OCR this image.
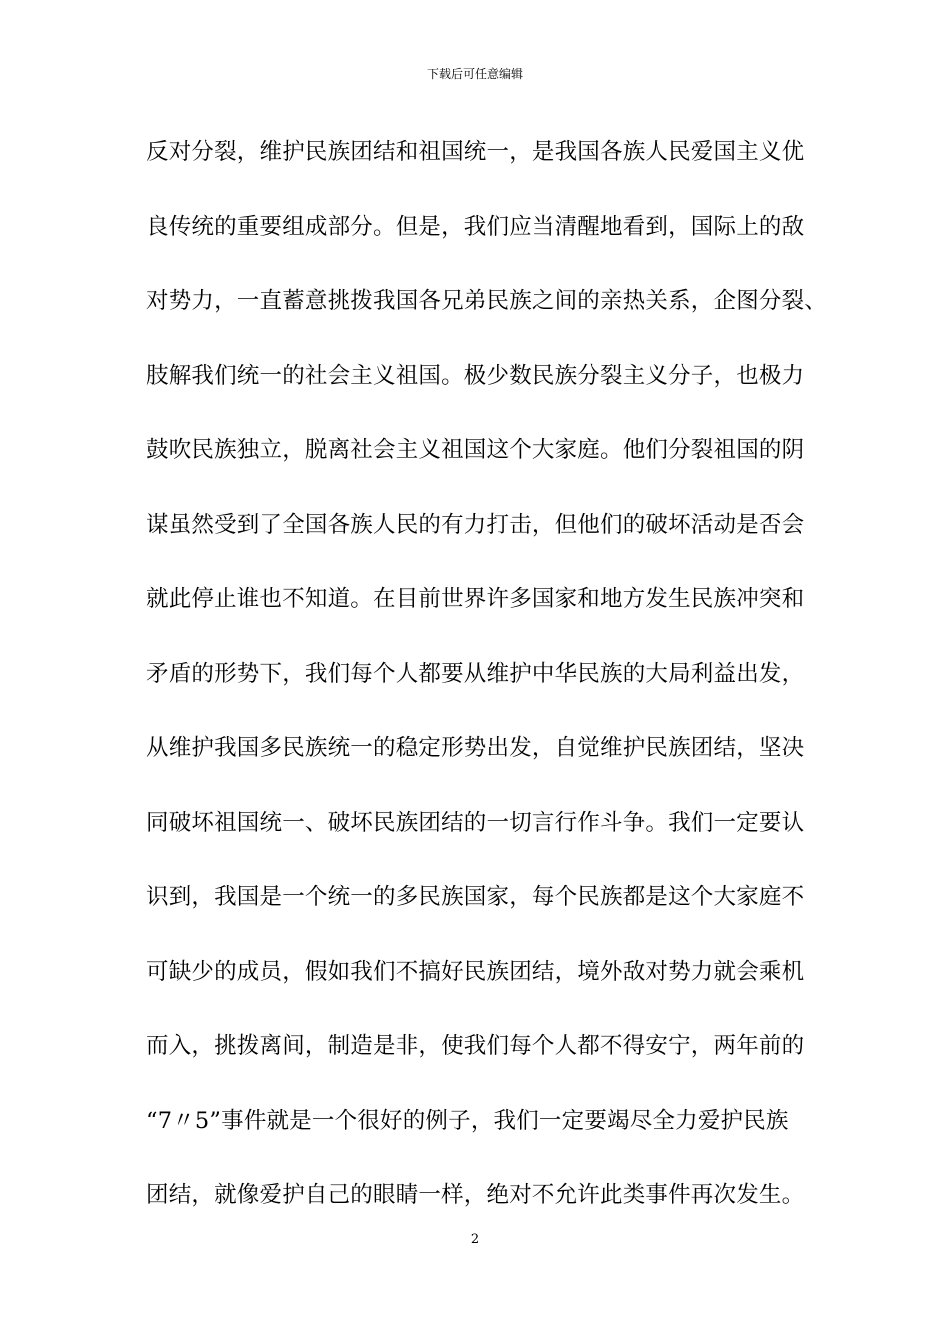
下载后可任意编辑
反对分裂，维护民族团结和祖国统一，是我国各族人民爱国主义优
良传统的重要组成部分。但是，我们应当清醒地看到，国际上的敌
对势力，一直蓄意挑拨我国各兄弟民族之间的亲热关系，企图分裂、
肢解我们统一的社会主义祖国。极少数民族分裂主义分子，也极力
鼓吹民族独立，脱离社会主义祖国这个大家庭。他们分裂祖国的阴
谋虽然受到了全国各族人民的有力打击，但他们的破坏活动是否会
就此停止谁也不知道。在目前世界许多国家和地方发生民族冲突和
矛盾的形势下，我们每个人都要从维护中华民族的大局利益出发，
从维护我国多民族统一的稳定形势出发，自觉维护民族团结，坚决
同破坏祖国统一、破坏民族团结的一切言行作斗争。我们一定要认
识到，我国是一个统一的多民族国家，每个民族都是这个大家庭不
可缺少的成员，假如我们不搞好民族团结，境外敌对势力就会乘机
而入，挑拨离间，制造是非，使我们每个人都不得安宁，两年前的
“7〃5”事件就是一个很好的例子，我们一定要竭尽全力爱护民族
团结，就像爱护自己的眼睛一样，绝对不允许此类事件再次发生。
2
